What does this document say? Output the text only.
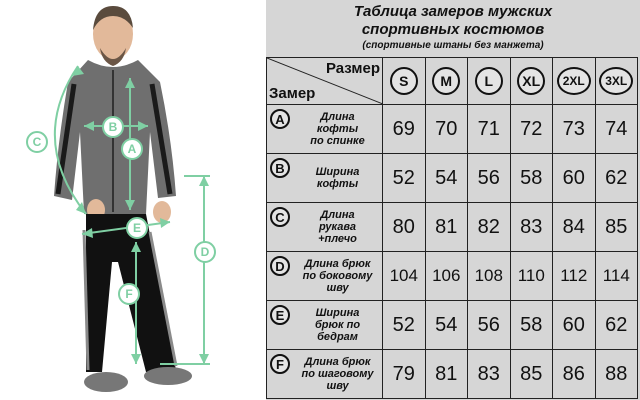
C
B
A
E
D
F
Таблица замеров мужских
спортивных костюмов
(спортивные штаны без манжета)
Размер
Замер	S	M	L	XL	2XL	3XL

A Длина
кофты
по спинке	69	70	71	72	73	74

B Ширина
кофты	52	54	56	58	60	62

C Длина
рукава
+плечо	80	81	82	83	84	85

D Длина брюк
по боковому
шву	104	106	108	110	112	114

E Ширина
брюк по
бедрам	52	54	56	58	60	62

F Длина брюк
по шаговому
шву	79	81	83	85	86	88
